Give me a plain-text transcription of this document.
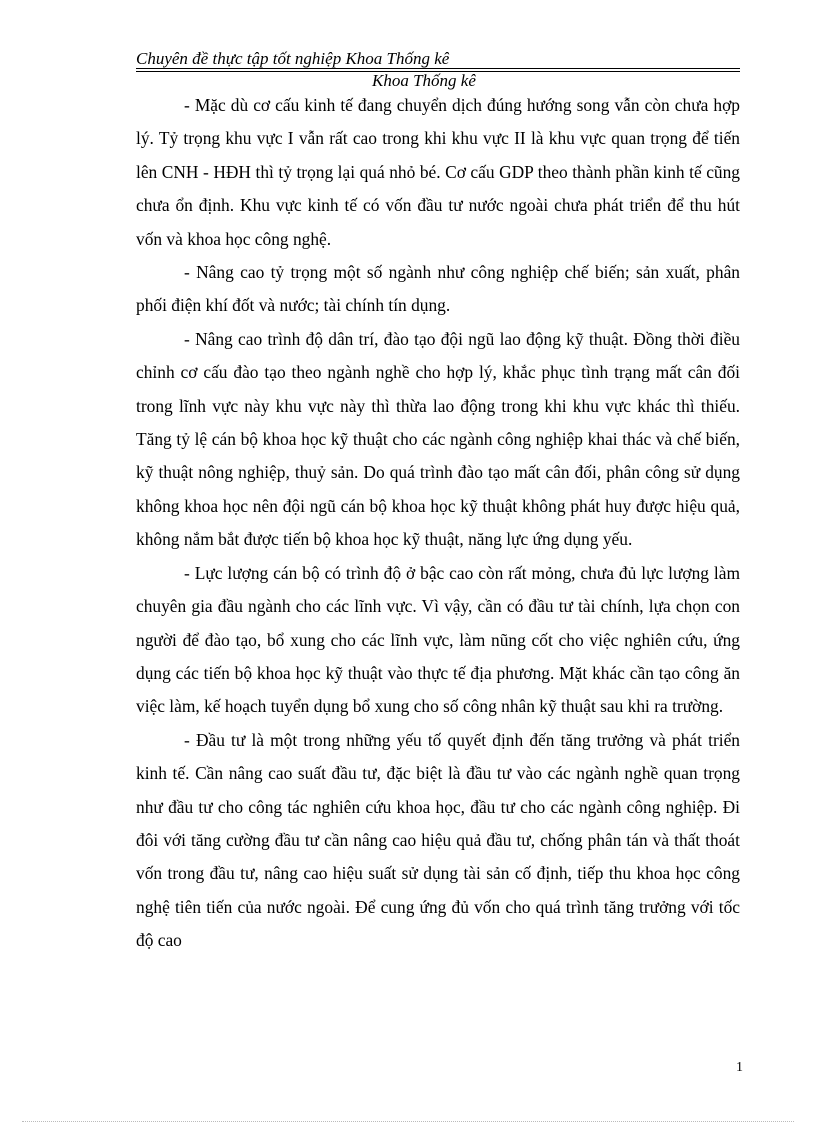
Chuyên đề thực tập tốt nghiệp Khoa Thống kê
Khoa Thống kê

- Mặc dù cơ cấu kinh tế đang chuyển dịch đúng hướng song vẫn còn chưa hợp lý. Tỷ trọng khu vực I vẫn rất cao trong khi khu vực II là khu vực quan trọng để tiến lên CNH - HĐH thì tỷ trọng lại quá nhỏ bé. Cơ cấu GDP theo thành phần kinh tế cũng chưa ổn định. Khu vực kinh tế có vốn đầu tư nước ngoài chưa phát triển để thu hút vốn và khoa học công nghệ.

- Nâng cao tỷ trọng một số ngành như công nghiệp chế biến; sản xuất, phân phối điện khí đốt và nước; tài chính tín dụng.

- Nâng cao trình độ dân trí, đào tạo đội ngũ lao động kỹ thuật. Đồng thời điều chỉnh cơ cấu đào tạo theo ngành nghề cho hợp lý, khắc phục tình trạng mất cân đối trong lĩnh vực này khu vực này thì thừa lao động trong khi khu vực khác thì thiếu. Tăng tỷ lệ cán bộ khoa học kỹ thuật cho các ngành công nghiệp khai thác và chế biến, kỹ thuật nông nghiệp, thuỷ sản. Do quá trình đào tạo mất cân đối, phân công sử dụng không khoa học nên đội ngũ cán bộ khoa học kỹ thuật không phát huy được hiệu quả, không nắm bắt được tiến bộ khoa học kỹ thuật, năng lực ứng dụng yếu.

- Lực lượng cán bộ có trình độ ở bậc cao còn rất mỏng, chưa đủ lực lượng làm chuyên gia đầu ngành cho các lĩnh vực. Vì vậy, cần có đầu tư tài chính, lựa chọn con người để đào tạo, bổ xung cho các lĩnh vực, làm nũng cốt cho việc nghiên cứu, ứng dụng các tiến bộ khoa học kỹ thuật vào thực tế địa phương. Mặt khác cần tạo công ăn việc làm, kế hoạch tuyển dụng bổ xung cho số công nhân kỹ thuật sau khi ra trường.

- Đầu tư là một trong những yếu tố quyết định đến tăng trưởng và phát triển kinh tế. Cần nâng cao suất đầu tư, đặc biệt là đầu tư vào các ngành nghề quan trọng như đầu tư cho công tác nghiên cứu khoa học, đầu tư cho các ngành công nghiệp. Đi đôi với tăng cường đầu tư cần nâng cao hiệu quả đầu tư, chống phân tán và thất thoát vốn trong đầu tư, nâng cao hiệu suất sử dụng tài sản cố định, tiếp thu khoa học công nghệ tiên tiến của nước ngoài. Để cung ứng đủ vốn cho quá trình tăng trưởng với tốc độ cao

1
